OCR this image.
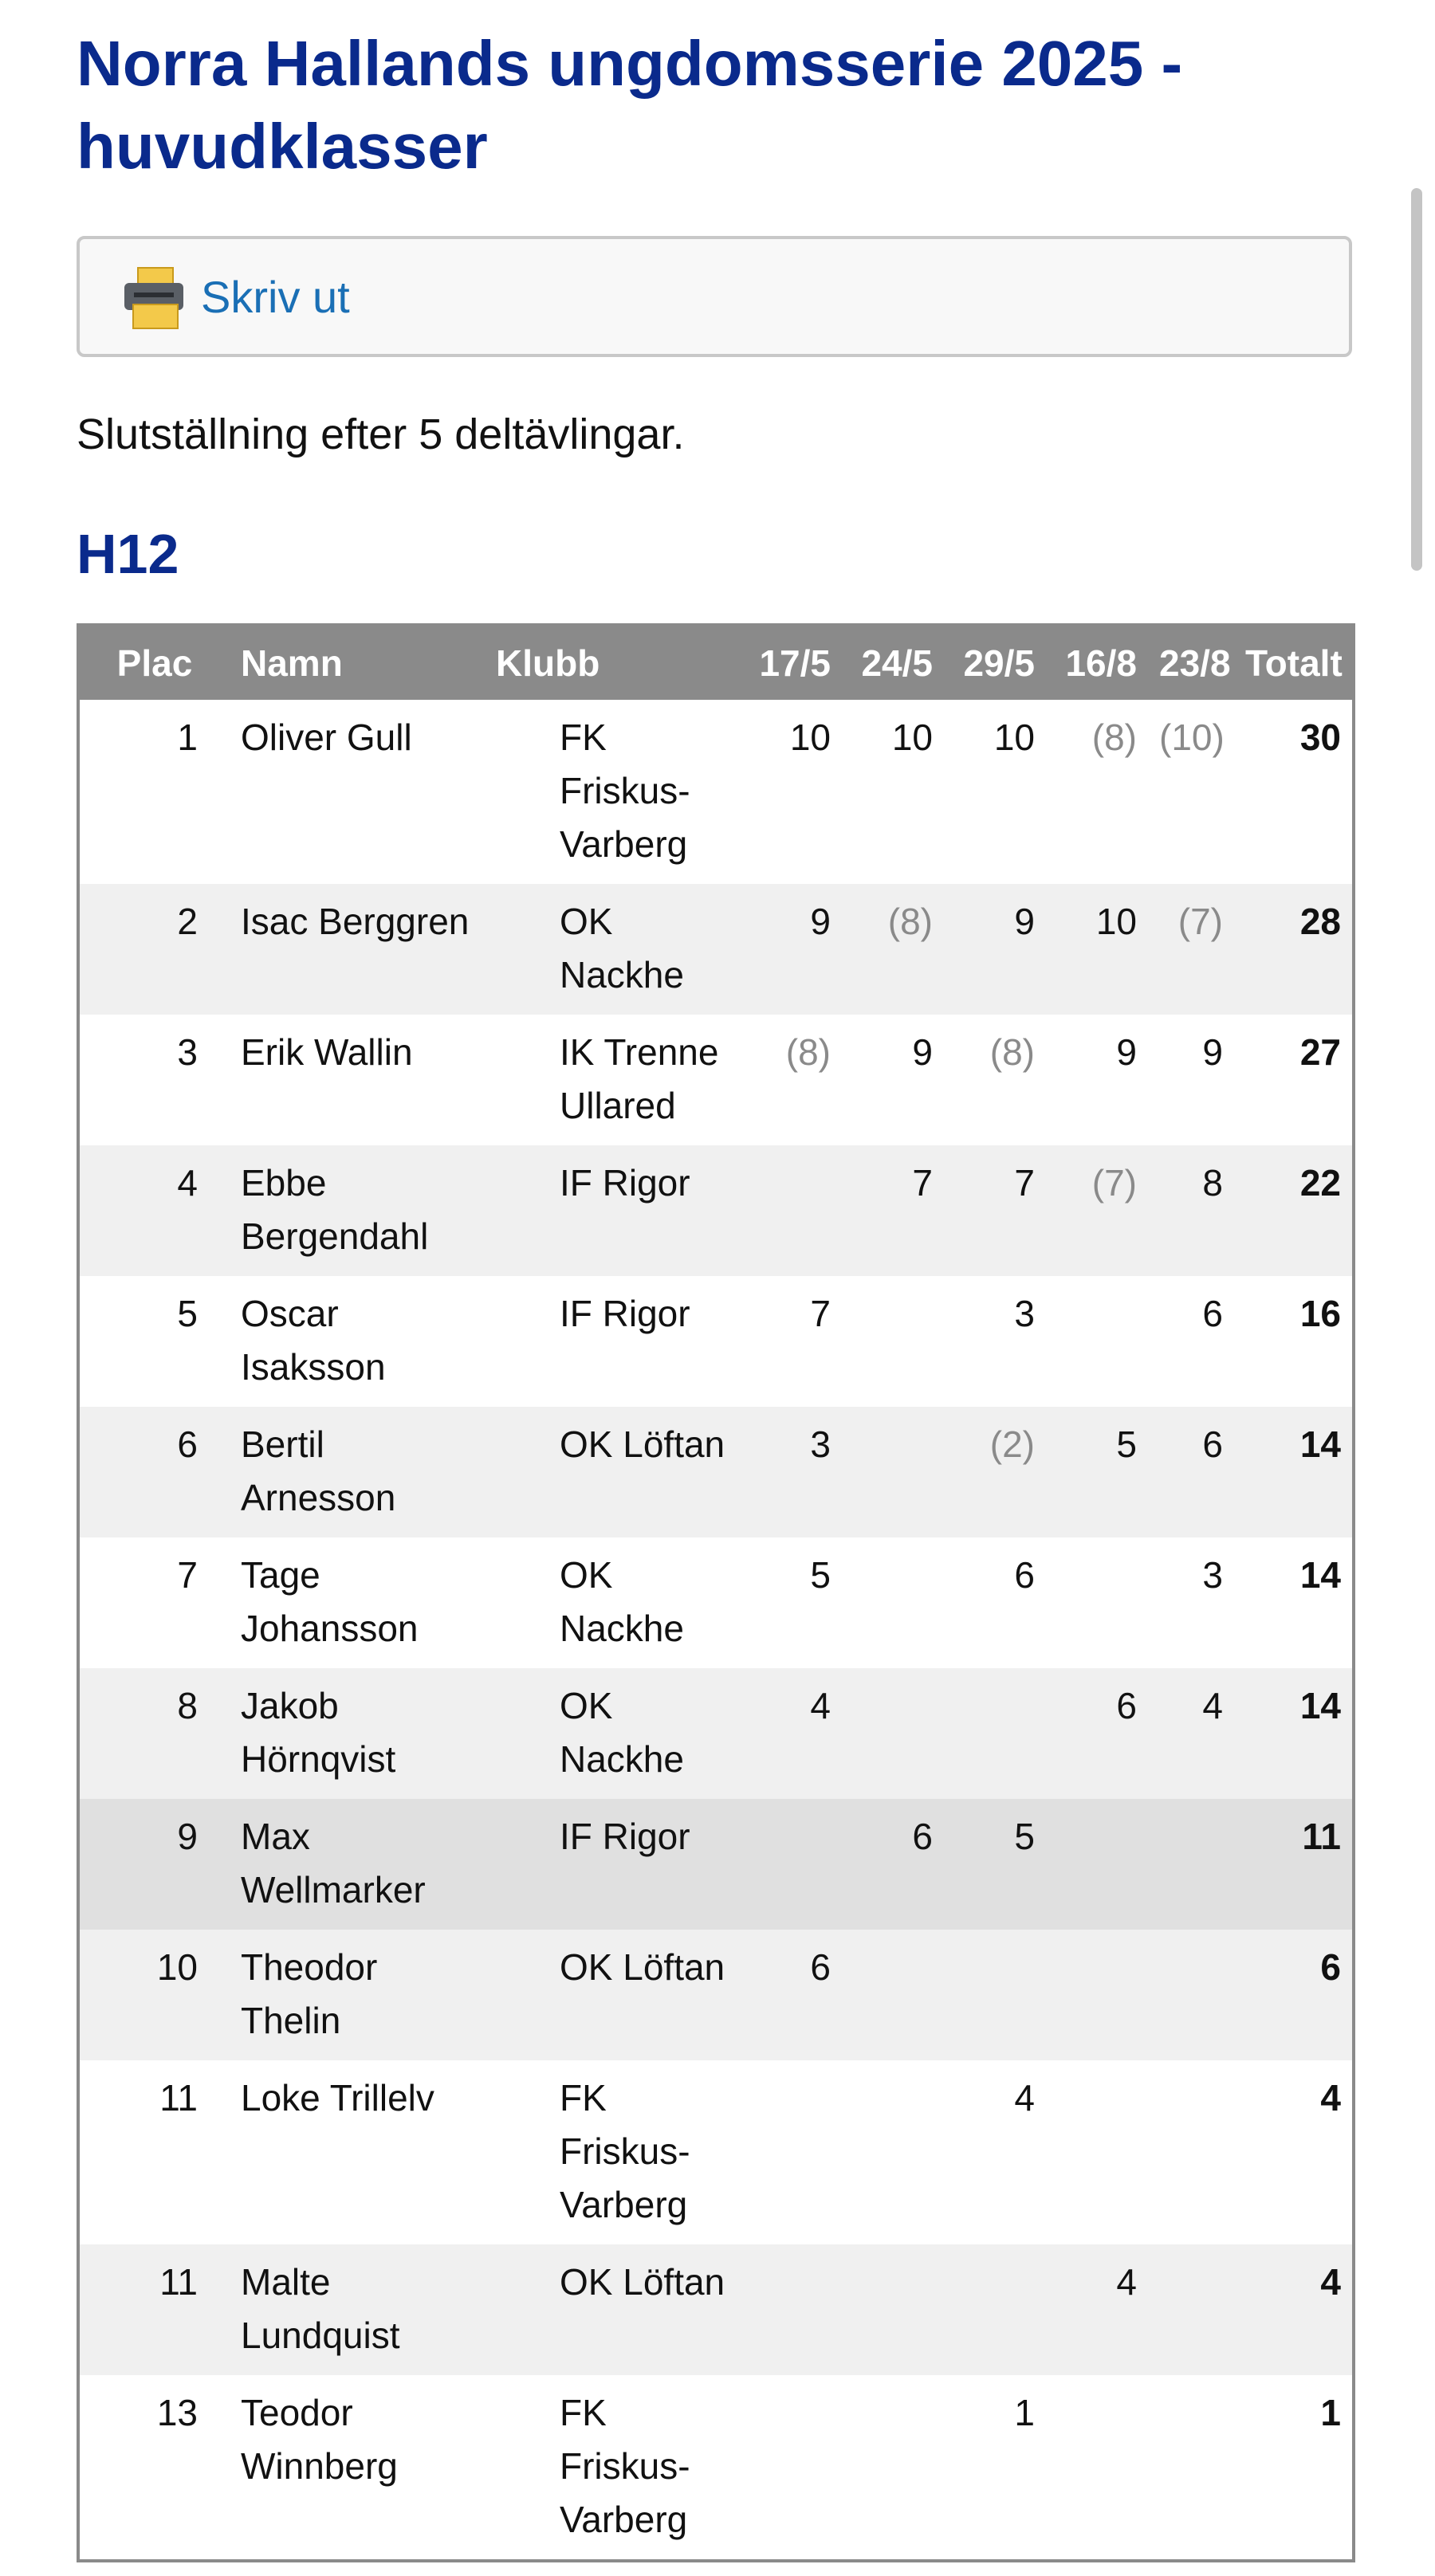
Norra Hallands ungdomsserie 2025 - huvudklasser
Skriv ut

Slutställning efter 5 deltävlingar.

H12
Plac	Namn	Klubb	17/5	24/5	29/5	16/8	23/8	Totalt
1	Oliver Gull	FK Friskus-Varberg	10	10	10	(8)	(10)	30
2	Isac Berggren	OK Nackhe	9	(8)	9	10	(7)	28
3	Erik Wallin	IK Trenne Ullared	(8)	9	(8)	9	9	27
4	Ebbe Bergendahl	IF Rigor		7	7	(7)	8	22
5	Oscar Isaksson	IF Rigor	7		3		6	16
6	Bertil Arnesson	OK Löftan	3		(2)	5	6	14
7	Tage Johansson	OK Nackhe	5		6		3	14
8	Jakob Hörnqvist	OK Nackhe	4			6	4	14
9	Max Wellmarker	IF Rigor		6	5			11
10	Theodor Thelin	OK Löftan	6					6
11	Loke Trillelv	FK Friskus-Varberg			4			4
11	Malte Lundquist	OK Löftan				4		4
13	Teodor Winnberg	FK Friskus-Varberg			1			1
